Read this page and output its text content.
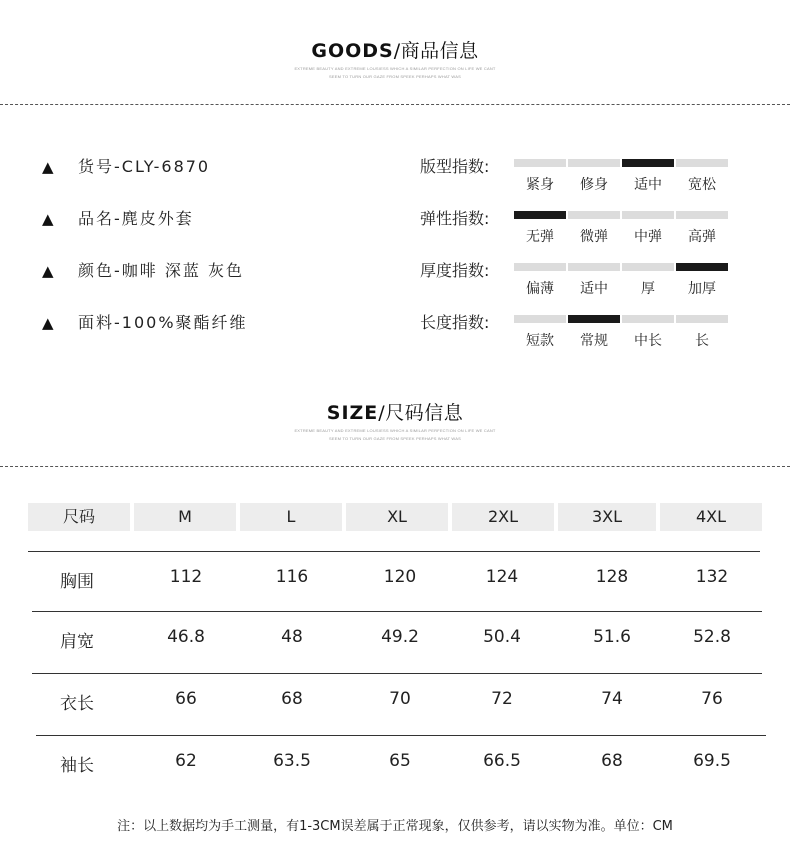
GOODS/商品信息
EXTREME BEAUTY AND EXTREME LOUSIESS WHICH A SIMILAR PERFECTION ON LIFE WE CANT
SEEM TO TURN OUR GAZE FROM SPEEK PERHAPS WHAT WAS
▲ 货号-CLY-6870
▲ 品名-麂皮外套
▲ 颜色-咖啡 深蓝 灰色
▲ 面料-100%聚酯纤维
版型指数:
紧身	修身	适中	宽松
弹性指数:
无弹	微弹	中弹	高弹
厚度指数:
偏薄	适中	厚	加厚
长度指数:
短款	常规	中长	长
SIZE/尺码信息
EXTREME BEAUTY AND EXTREME LOUSIESS WHICH A SIMILAR PERFECTION ON LIFE WE CANT
SEEM TO TURN OUR GAZE FROM SPEEK PERHAPS WHAT WAS
尺码	M	L	XL	2XL	3XL	4XL
胸围	112	116	120	124	128	132
肩宽	46.8	48	49.2	50.4	51.6	52.8
衣长	66	68	70	72	74	76
袖长	62	63.5	65	66.5	68	69.5
注：以上数据均为手工测量，有1-3CM误差属于正常现象，仅供参考，请以实物为准。单位：CM
